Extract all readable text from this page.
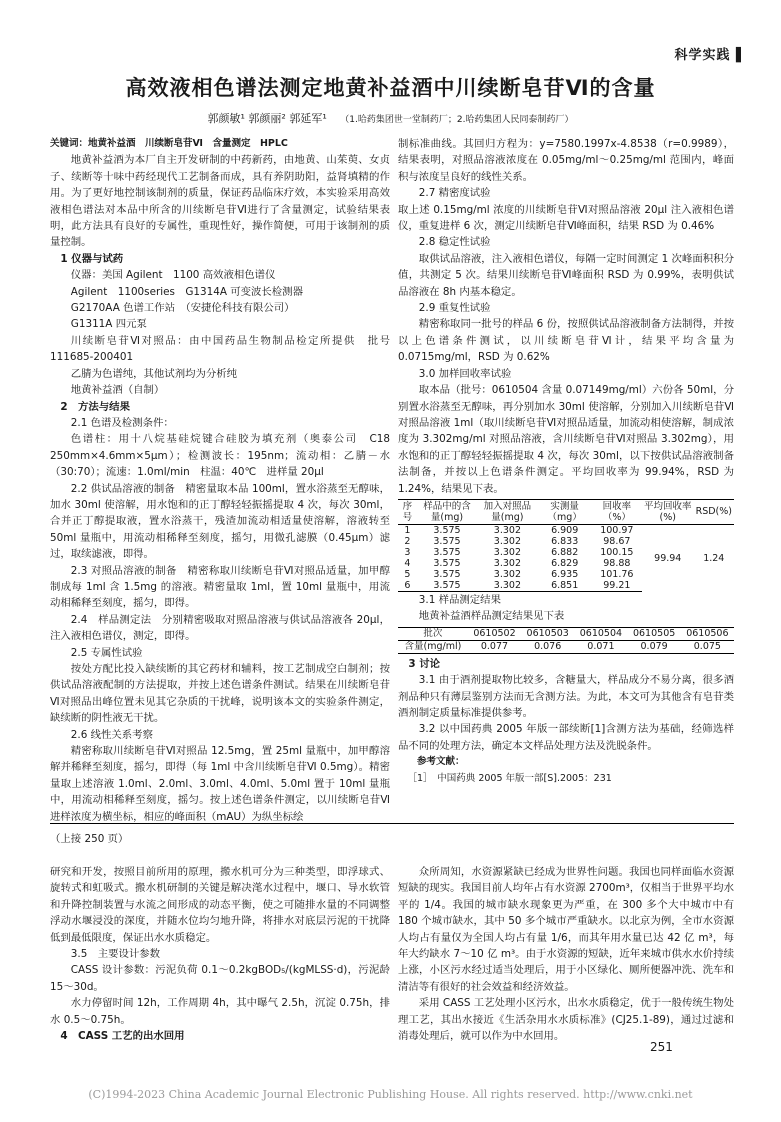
科学实践 ▌
高效液相色谱法测定地黄补益酒中川续断皂苷Ⅵ的含量
郭颜敏¹ 郭颜丽² 郭延军¹ （1.哈药集团世一堂制药厂；2.哈药集团人民同泰制药厂）

关键词：地黄补益酒　川续断皂苷Ⅵ　含量测定　HPLC

地黄补益酒为本厂自主开发研制的中药新药，由地黄、山茱萸、女贞子、续断等十味中药经现代工艺制备而成，具有养阴助阳，益肾填精的作用。为了更好地控制该制剂的质量，保证药品临床疗效，本实验采用高效液相色谱法对本品中所含的川续断皂苷Ⅵ进行了含量测定，试验结果表明，此方法具有良好的专属性，重现性好，操作简便，可用于该制剂的质量控制。

1 仪器与试药

仪器：美国 Agilent　1100 高效液相色谱仪

Agilent　1100series　G1314A 可变波长检测器

G2170AA 色谱工作站　（安捷伦科技有限公司）

G1311A 四元泵

川续断皂苷Ⅵ对照品：由中国药品生物制品检定所提供　批号 111685-200401

乙腈为色谱纯，其他试剂均为分析纯

地黄补益酒（自制）

2　方法与结果

2.1 色谱及检测条件：

色谱柱：用十八烷基硅烷键合硅胶为填充剂（奥泰公司　C18 250mm×4.6mm×5μm）；检测波长：195nm；流动相：乙腈－水（30:70）；流速：1.0ml/min　柱温：40℃　进样量 20μl

2.2 供试品溶液的制备　精密量取本品 100ml，置水浴蒸至无醇味，加水 30ml 使溶解，用水饱和的正丁醇轻轻振摇提取 4 次，每次 30ml，合并正丁醇提取液，置水浴蒸干，残渣加流动相适量使溶解，溶液转至 50ml 量瓶中，用流动相稀释至刻度，摇匀，用微孔滤膜（0.45μm）滤过，取续滤液，即得。

2.3 对照品溶液的制备　精密称取川续断皂苷Ⅵ对照品适量，加甲醇制成每 1ml 含 1.5mg 的溶液。精密量取 1ml，置 10ml 量瓶中，用流动相稀释至刻度，摇匀，即得。

2.4　样品测定法　分别精密吸取对照品溶液与供试品溶液各 20μl，注入液相色谱仪，测定，即得。

2.5 专属性试验

按处方配比投入缺续断的其它药材和辅料，按工艺制成空白制剂；按供试品溶液配制的方法提取，并按上述色谱条件测试。结果在川续断皂苷Ⅵ对照品出峰位置未见其它杂质的干扰峰，说明该本文的实验条件测定，缺续断的阴性液无干扰。

2.6 线性关系考察

精密称取川续断皂苷Ⅵ对照品 12.5mg，置 25ml 量瓶中，加甲醇溶解并稀释至刻度，摇匀，即得（每 1ml 中含川续断皂苷Ⅵ 0.5mg）。精密量取上述溶液 1.0ml、2.0ml、3.0ml、4.0ml、5.0ml 置于 10ml 量瓶中，用流动相稀释至刻度，摇匀。按上述色谱条件测定，以川续断皂苷Ⅵ进样浓度为横坐标，相应的峰面积（mAU）为纵坐标绘

制标准曲线。其回归方程为：y=7580.1997x-4.8538（r=0.9989），结果表明，对照品溶液浓度在 0.05mg/ml～0.25mg/ml 范围内，峰面积与浓度呈良好的线性关系。

2.7 精密度试验

取上述 0.15mg/ml 浓度的川续断皂苷Ⅵ对照品溶液 20μl 注入液相色谱仪，重复进样 6 次，测定川续断皂苷Ⅵ峰面积，结果 RSD 为 0.46%

2.8 稳定性试验

取供试品溶液，注入液相色谱仪，每隔一定时间测定 1 次峰面积积分值，共测定 5 次。结果川续断皂苷Ⅵ峰面积 RSD 为 0.99%，表明供试品溶液在 8h 内基本稳定。

2.9 重复性试验

精密称取同一批号的样品 6 份，按照供试品溶液制备方法制得，并按以上色谱条件测试，以川续断皂苷Ⅵ计，结果平均含量为 0.0715mg/ml，RSD 为 0.62%

3.0 加样回收率试验

取本品（批号：0610504 含量 0.07149mg/ml）六份各 50ml，分别置水浴蒸至无醇味，再分别加水 30ml 使溶解，分别加入川续断皂苷Ⅵ对照品溶液 1ml（取川续断皂苷Ⅵ对照品适量，加流动相使溶解，制成浓度为 3.302mg/ml 对照品溶液，含川续断皂苷Ⅵ对照品 3.302mg），用水饱和的正丁醇轻轻振摇提取 4 次，每次 30ml，以下按供试品溶液制备法制备，并按以上色谱条件测定。平均回收率为 99.94%，RSD 为 1.24%，结果见下表。

序号	样品中的含量(mg)	加入对照品量(mg)	实测量（mg）	回收率（%）	平均回收率(%)	RSD(%)
1	3.575	3.302	6.909	100.97	99.94	1.24
2	3.575	3.302	6.833	98.67		
3	3.575	3.302	6.882	100.15		
4	3.575	3.302	6.829	98.88		
5	3.575	3.302	6.935	101.76		
6	3.575	3.302	6.851	99.21		

3.1 样品测定结果

地黄补益酒样品测定结果见下表

批次	0610502	0610503	0610504	0610505	0610506
含量(mg/ml)	0.077	0.076	0.071	0.079	0.075

3 讨论

3.1 由于酒剂提取物比较多，含糖量大，样品成分不易分离，很多酒剂品种只有薄层鉴别方法而无含测方法。为此，本文可为其他含有皂苷类酒剂制定质量标准提供参考。

3.2 以中国药典 2005 年版一部续断[1]含测方法为基础，经筛选样品不同的处理方法，确定本文样品处理方法及洗脱条件。

参考文献：

［1］　中国药典 2005 年版一部[S].2005：231

（上接 250 页）

研究和开发，按照目前所用的原理，搬水机可分为三种类型，即浮球式、旋转式和虹吸式。搬水机研制的关键是解决滗水过程中，堰口、导水软管和升降控制装置与水流之间形成的动态平衡，使之可随排水量的不同调整浮动水堰浸没的深度，并随水位均匀地升降，将排水对底层污泥的干扰降低到最低限度，保证出水水质稳定。

3.5　主要设计参数

CASS 设计参数：污泥负荷 0.1～0.2kgBOD₅/(kgMLSS·d)，污泥龄 15～30d。

水力停留时间 12h，工作周期 4h，其中曝气 2.5h，沉淀 0.75h，排水 0.5～0.75h。

4　CASS 工艺的出水回用

众所周知，水资源紧缺已经成为世界性问题。我国也同样面临水资源短缺的现实。我国目前人均年占有水资源 2700m³，仅相当于世界平均水平的 1/4。我国的城市缺水现象更为严重，在 300 多个大中城市中有 180 个城市缺水，其中 50 多个城市严重缺水。以北京为例，全市水资源人均占有量仅为全国人均占有量 1/6，而其年用水量已达 42 亿 m³，每年大约缺水 7～10 亿 m³。由于水资源的短缺，近年来城市供水水价持续上涨，小区污水经过适当处理后，用于小区绿化、厕所便器冲洗、洗车和清洁等有很好的社会效益和经济效益。

采用 CASS 工艺处理小区污水，出水水质稳定，优于一般传统生物处理工艺，其出水接近《生活杂用水水质标准》(CJ25.1-89)，通过过滤和消毒处理后，就可以作为中水回用。

251
(C)1994-2023 China Academic Journal Electronic Publishing House. All rights reserved. http://www.cnki.net
